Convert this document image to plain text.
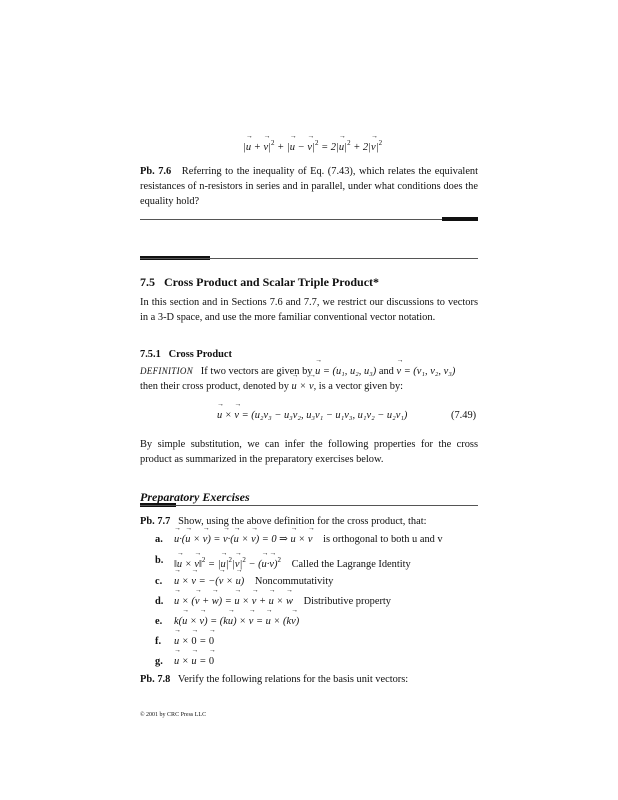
|→ u + → $v|^2$ + |→ u − → $v|^2 = 2|\to u|^2 + 2|\to v|^2$
Pb. 7.6 Referring to the inequality of Eq. (7.43), which relates the equivalent resistances of n-resistors in series and in parallel, under what conditions does the equality hold?
7.5 Cross Product and Scalar Triple Product*
In this section and in Sections 7.6 and 7.7, we restrict our discussions to vectors in a 3-D space, and use the more familiar conventional vector notation.
7.5.1 Cross Product
DEFINITION If two vectors are given by → u = (u₁, u₂, u₃) and → v = (v₁, v₂, v₃)
then their cross product, denoted by → u × → v, is a vector given by:
→ u × → v = (u₂v₃ − u₃v₂, u₃v₁ − u₁v₃, u₁v₂ − u₂v₁)	(7.49)
By simple substitution, we can infer the following properties for the cross product as summarized in the preparatory exercises below.
Preparatory Exercises
Pb. 7.7 Show, using the above definition for the cross product, that:
a. → u·(→ u × → v) = → v·(→ u × → v) = 0 ⇒ → u × → v is orthogonal to both u and v
b. ‖→ u × → v‖$^2$ = |→ $u|^2|\to v|^2$ − (→ u·→ v)$^2$ Called the Lagrange Identity
c. → u × → v = −(→ v × → u) Noncommutativity
d. → u × (→ v + → w) = → u × → v + → u × → w Distributive property
e. k(→ u × → v) = (k→ u) × → v = → u × (k→ v)
f. → u × → 0 = → 0
g. → u × → u = → 0
Pb. 7.8 Verify the following relations for the basis unit vectors:
© 2001 by CRC Press LLC
